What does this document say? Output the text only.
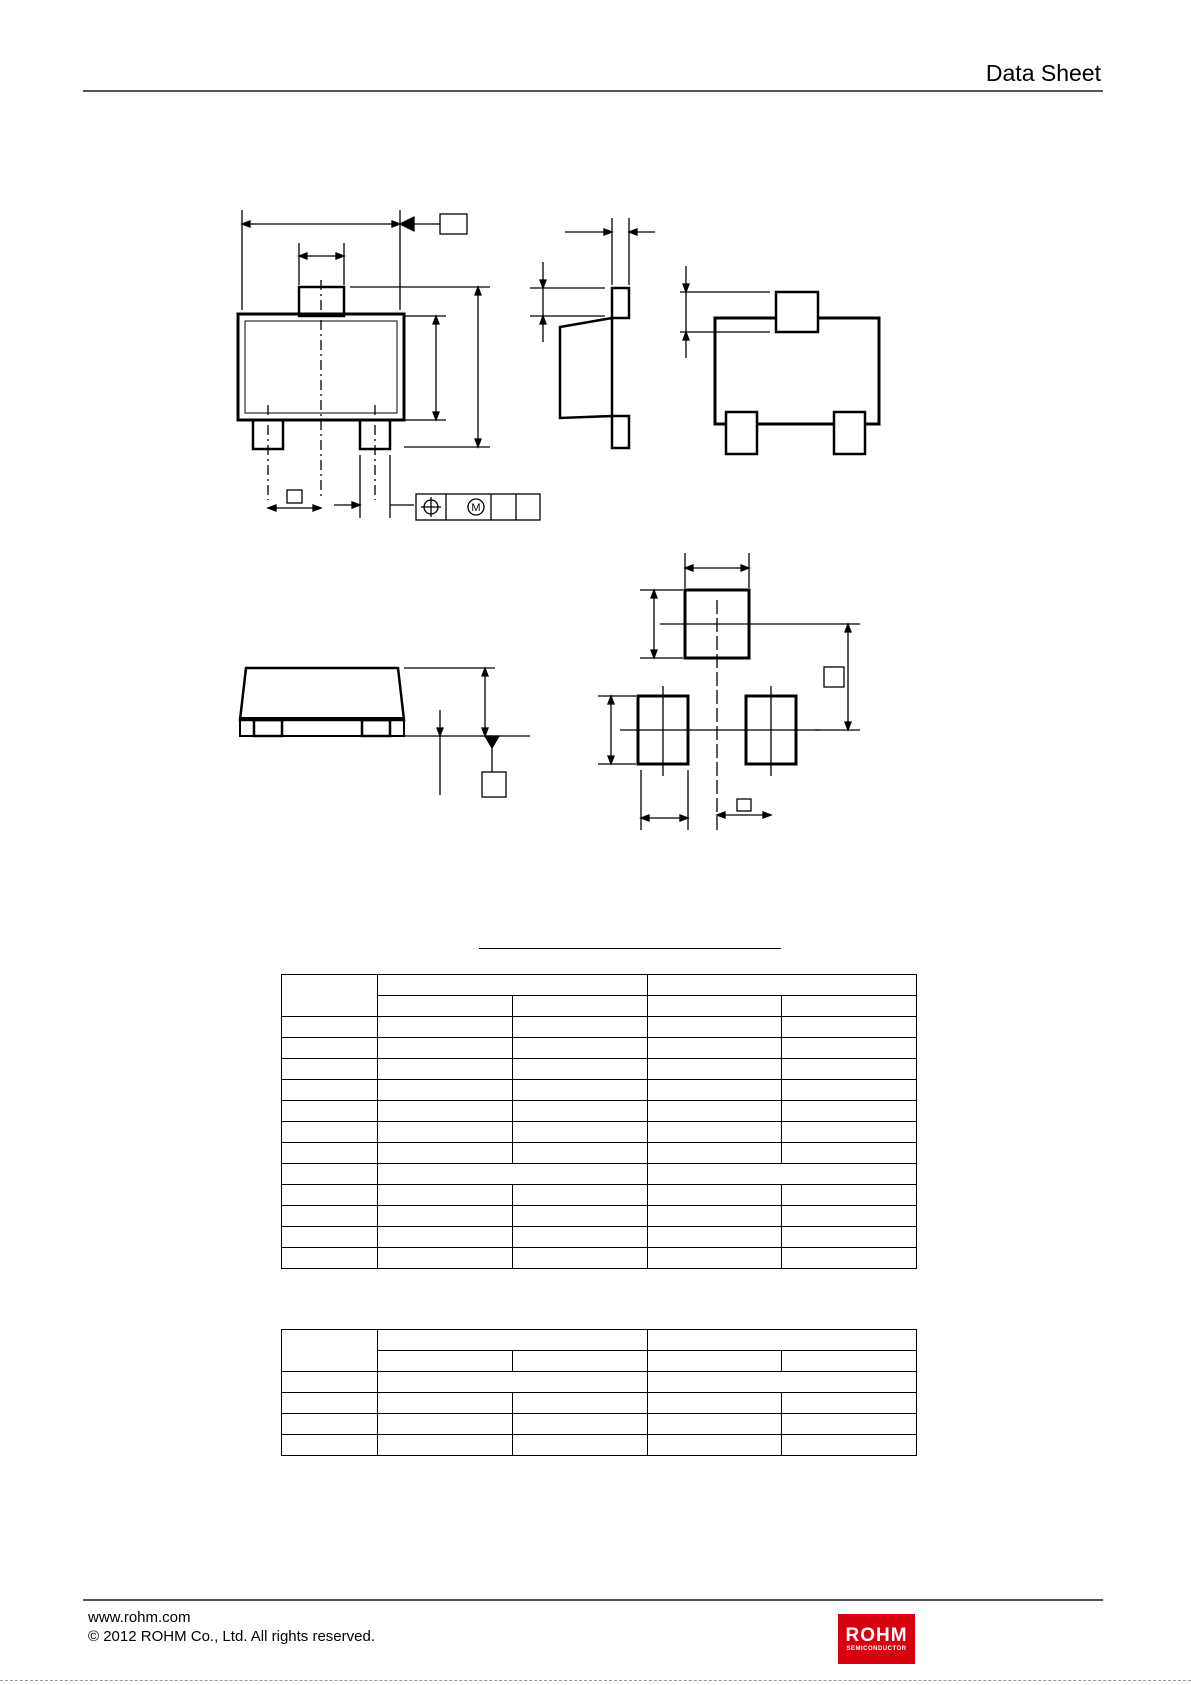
Data Sheet
M

www.rohm.com
© 2012 ROHM Co., Ltd. All rights reserved.	ROHM
SEMICONDUCTOR
